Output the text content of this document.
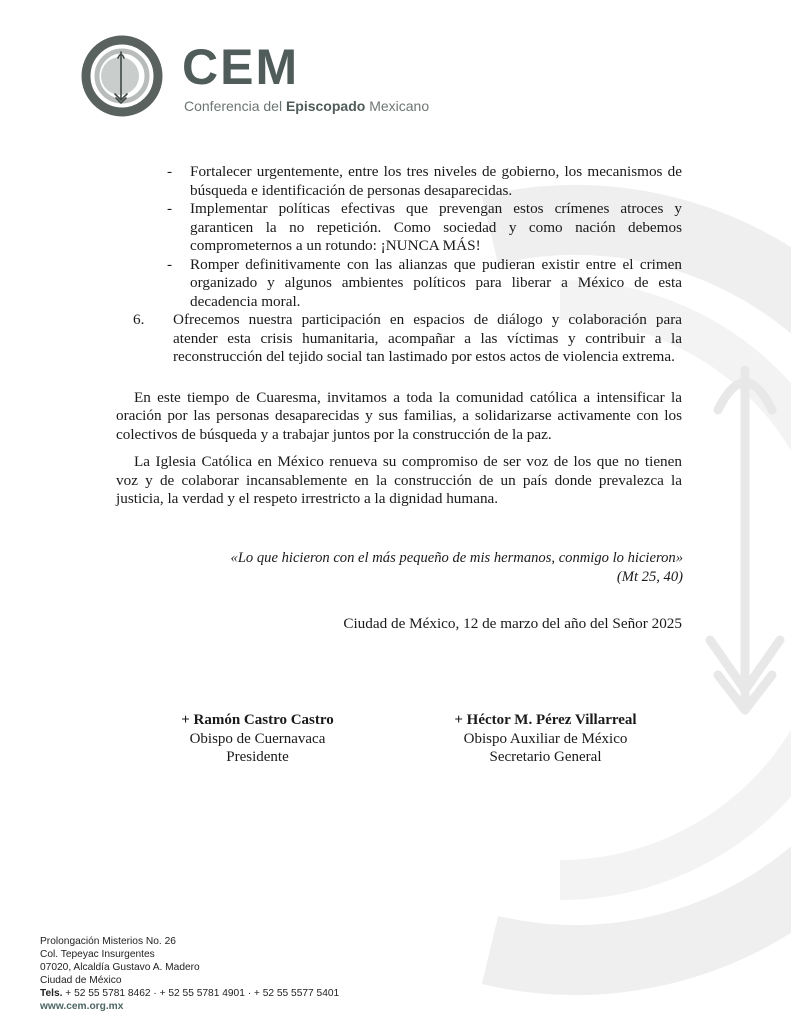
CEM
Conferencia del Episcopado Mexicano
- Fortalecer urgentemente, entre los tres niveles de gobierno, los mecanismos de búsqueda e identificación de personas desaparecidas.
- Implementar políticas efectivas que prevengan estos crímenes atroces y garanticen la no repetición. Como sociedad y como nación debemos comprometernos a un rotundo: ¡NUNCA MÁS!
- Romper definitivamente con las alianzas que pudieran existir entre el crimen organizado y algunos ambientes políticos para liberar a México de esta decadencia moral.
6. Ofrecemos nuestra participación en espacios de diálogo y colaboración para atender esta crisis humanitaria, acompañar a las víctimas y contribuir a la reconstrucción del tejido social tan lastimado por estos actos de violencia extrema.

En este tiempo de Cuaresma, invitamos a toda la comunidad católica a intensificar la oración por las personas desaparecidas y sus familias, a solidarizarse activamente con los colectivos de búsqueda y a trabajar juntos por la construcción de la paz.

La Iglesia Católica en México renueva su compromiso de ser voz de los que no tienen voz y de colaborar incansablemente en la construcción de un país donde prevalezca la justicia, la verdad y el respeto irrestricto a la dignidad humana.

«Lo que hicieron con el más pequeño de mis hermanos, conmigo lo hicieron»
(Mt 25, 40)
Ciudad de México, 12 de marzo del año del Señor 2025
+ Ramón Castro Castro
Obispo de Cuernavaca
Presidente
+ Héctor M. Pérez Villarreal
Obispo Auxiliar de México
Secretario General
Prolongación Misterios No. 26
Col. Tepeyac Insurgentes
07020, Alcaldía Gustavo A. Madero
Ciudad de México
Tels. + 52 55 5781 8462 · + 52 55 5781 4901 · + 52 55 5577 5401
www.cem.org.mx
